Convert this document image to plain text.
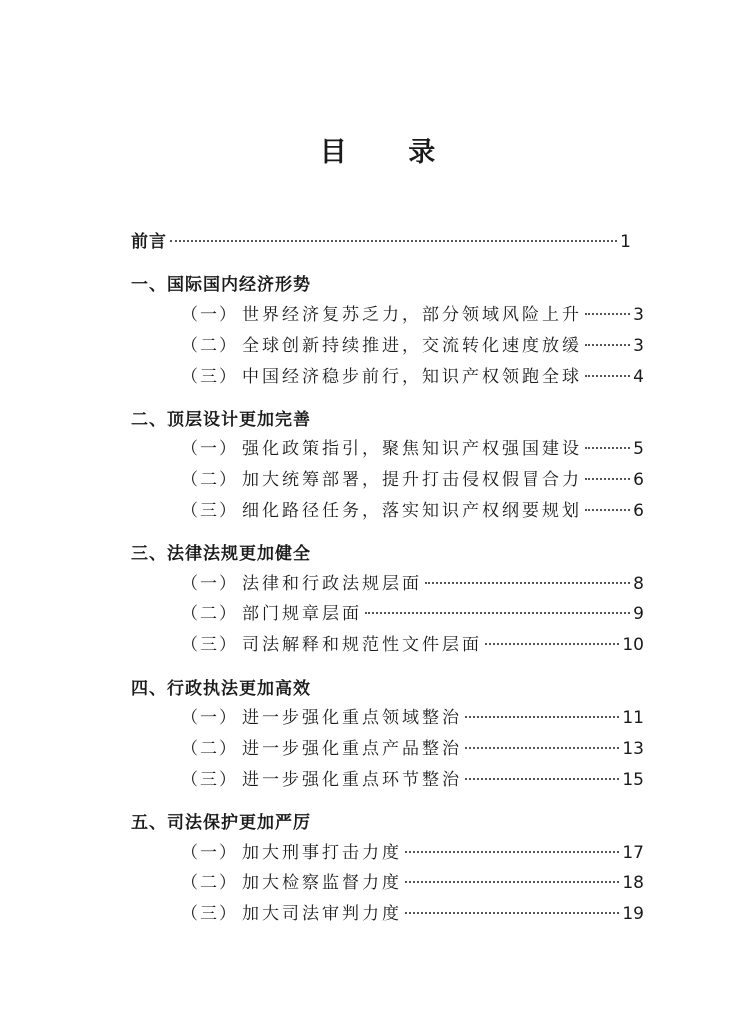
目 录
前言	1
一、国际国内经济形势
（一） 世界经济复苏乏力，部分领域风险上升	3
（二） 全球创新持续推进，交流转化速度放缓	3
（三） 中国经济稳步前行，知识产权领跑全球	4
二、顶层设计更加完善
（一） 强化政策指引，聚焦知识产权强国建设	5
（二） 加大统筹部署，提升打击侵权假冒合力	6
（三） 细化路径任务，落实知识产权纲要规划	6
三、法律法规更加健全
（一） 法律和行政法规层面	8
（二） 部门规章层面	9
（三） 司法解释和规范性文件层面	10
四、行政执法更加高效
（一） 进一步强化重点领域整治	11
（二） 进一步强化重点产品整治	13
（三） 进一步强化重点环节整治	15
五、司法保护更加严厉
（一） 加大刑事打击力度	17
（二） 加大检察监督力度	18
（三） 加大司法审判力度	19
